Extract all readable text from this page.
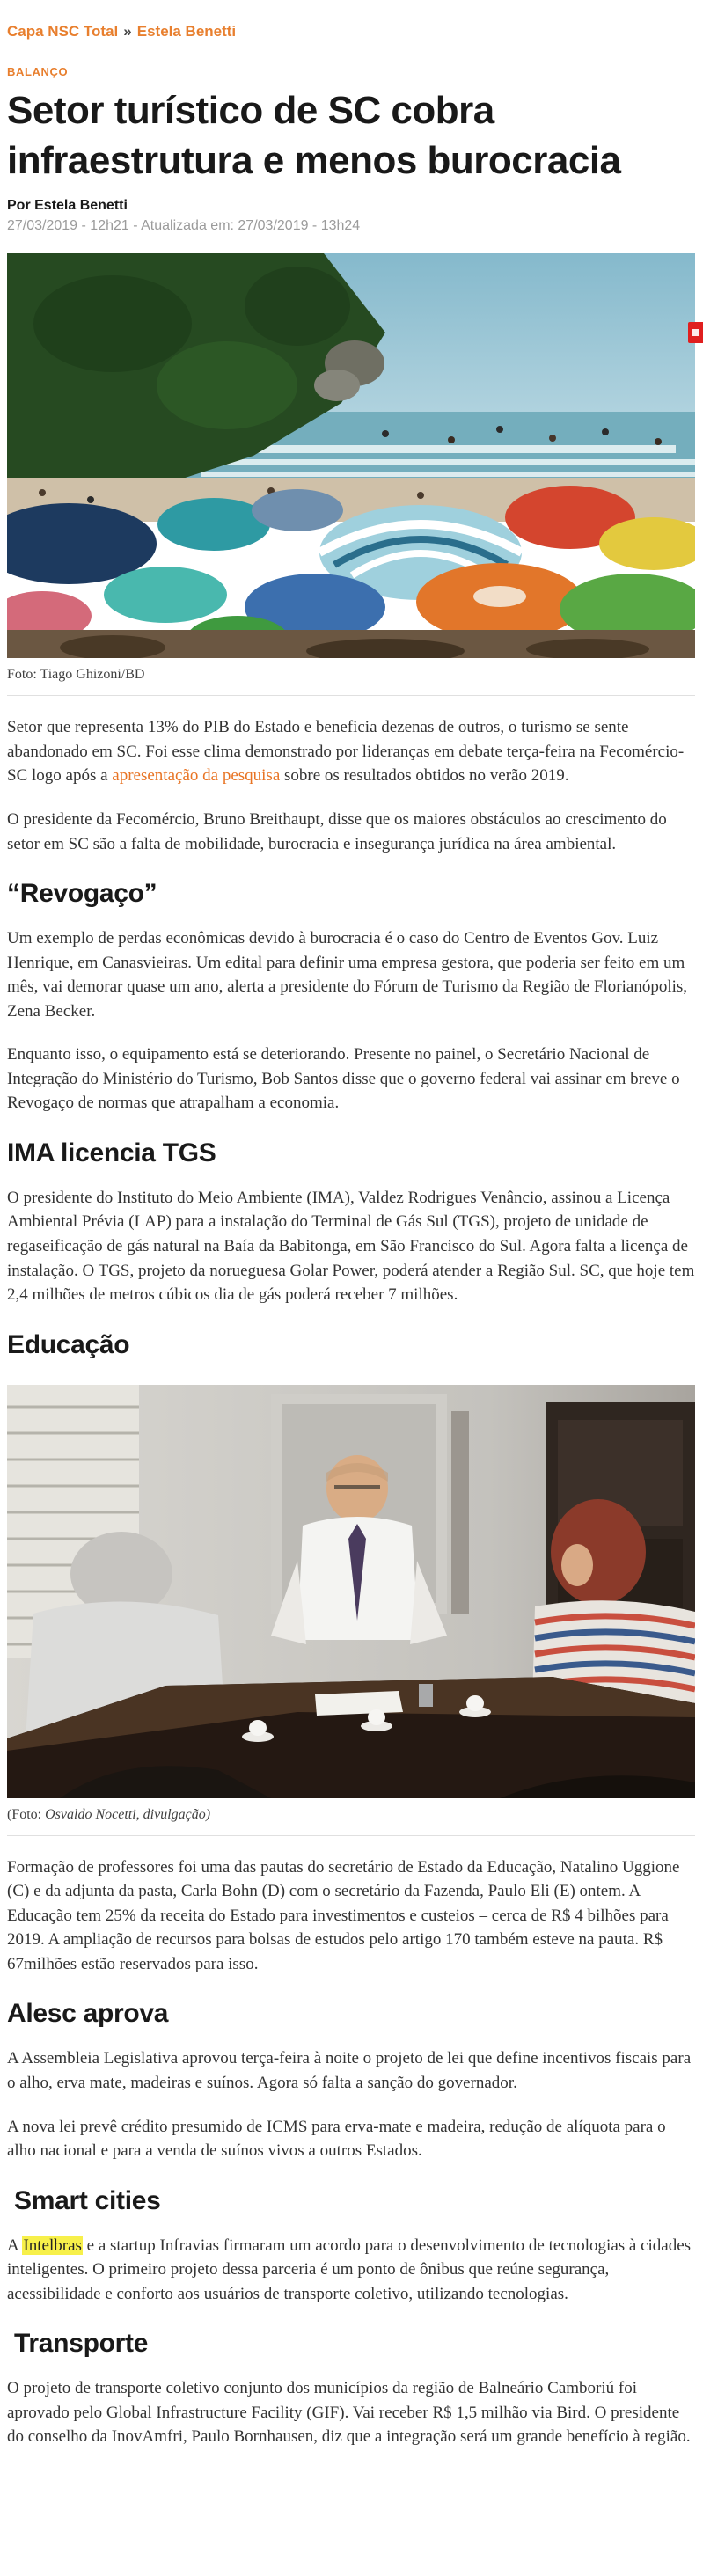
Capa NSC Total » Estela Benetti
BALANÇO
Setor turístico de SC cobra infraestrutura e menos burocracia
Por Estela Benetti
27/03/2019 - 12h21 - Atualizada em: 27/03/2019 - 13h24
Foto: Tiago Ghizoni/BD

Setor que representa 13% do PIB do Estado e beneficia dezenas de outros, o turismo se sente abandonado em SC. Foi esse clima demonstrado por lideranças em debate terça-feira na Fecomércio-SC logo após a apresentação da pesquisa sobre os resultados obtidos no verão 2019.

O presidente da Fecomércio, Bruno Breithaupt, disse que os maiores obstáculos ao crescimento do setor em SC são a falta de mobilidade, burocracia e insegurança jurídica na área ambiental.

“Revogaço”

Um exemplo de perdas econômicas devido à burocracia é o caso do Centro de Eventos Gov. Luiz Henrique, em Canasvieiras. Um edital para definir uma empresa gestora, que poderia ser feito em um mês, vai demorar quase um ano, alerta a presidente do Fórum de Turismo da Região de Florianópolis, Zena Becker.

Enquanto isso, o equipamento está se deteriorando. Presente no painel, o Secretário Nacional de Integração do Ministério do Turismo, Bob Santos disse que o governo federal vai assinar em breve o Revogaço de normas que atrapalham a economia.

IMA licencia TGS

O presidente do Instituto do Meio Ambiente (IMA), Valdez Rodrigues Venâncio, assinou a Licença Ambiental Prévia (LAP) para a instalação do Terminal de Gás Sul (TGS), projeto de unidade de regaseificação de gás natural na Baía da Babitonga, em São Francisco do Sul. Agora falta a licença de instalação. O TGS, projeto da norueguesa Golar Power, poderá atender a Região Sul. SC, que hoje tem 2,4 milhões de metros cúbicos dia de gás poderá receber 7 milhões.

Educação
(Foto: Osvaldo Nocetti, divulgação)

Formação de professores foi uma das pautas do secretário de Estado da Educação, Natalino Uggione (C) e da adjunta da pasta, Carla Bohn (D) com o secretário da Fazenda, Paulo Eli (E) ontem. A Educação tem 25% da receita do Estado para investimentos e custeios – cerca de R$ 4 bilhões para 2019. A ampliação de recursos para bolsas de estudos pelo artigo 170 também esteve na pauta. R$ 67milhões estão reservados para isso.

Alesc aprova

A Assembleia Legislativa aprovou terça-feira à noite o projeto de lei que define incentivos fiscais para o alho, erva mate, madeiras e suínos. Agora só falta a sanção do governador.

A nova lei prevê crédito presumido de ICMS para erva-mate e madeira, redução de alíquota para o alho nacional e para a venda de suínos vivos a outros Estados.

Smart cities

A Intelbras e a startup Infravias firmaram um acordo para o desenvolvimento de tecnologias à cidades inteligentes. O primeiro projeto dessa parceria é um ponto de ônibus que reúne segurança, acessibilidade e conforto aos usuários de transporte coletivo, utilizando tecnologias.

Transporte

O projeto de transporte coletivo conjunto dos municípios da região de Balneário Camboriú foi aprovado pelo Global Infrastructure Facility (GIF). Vai receber R$ 1,5 milhão via Bird. O presidente do conselho da InovAmfri, Paulo Bornhausen, diz que a integração será um grande benefício à região.
